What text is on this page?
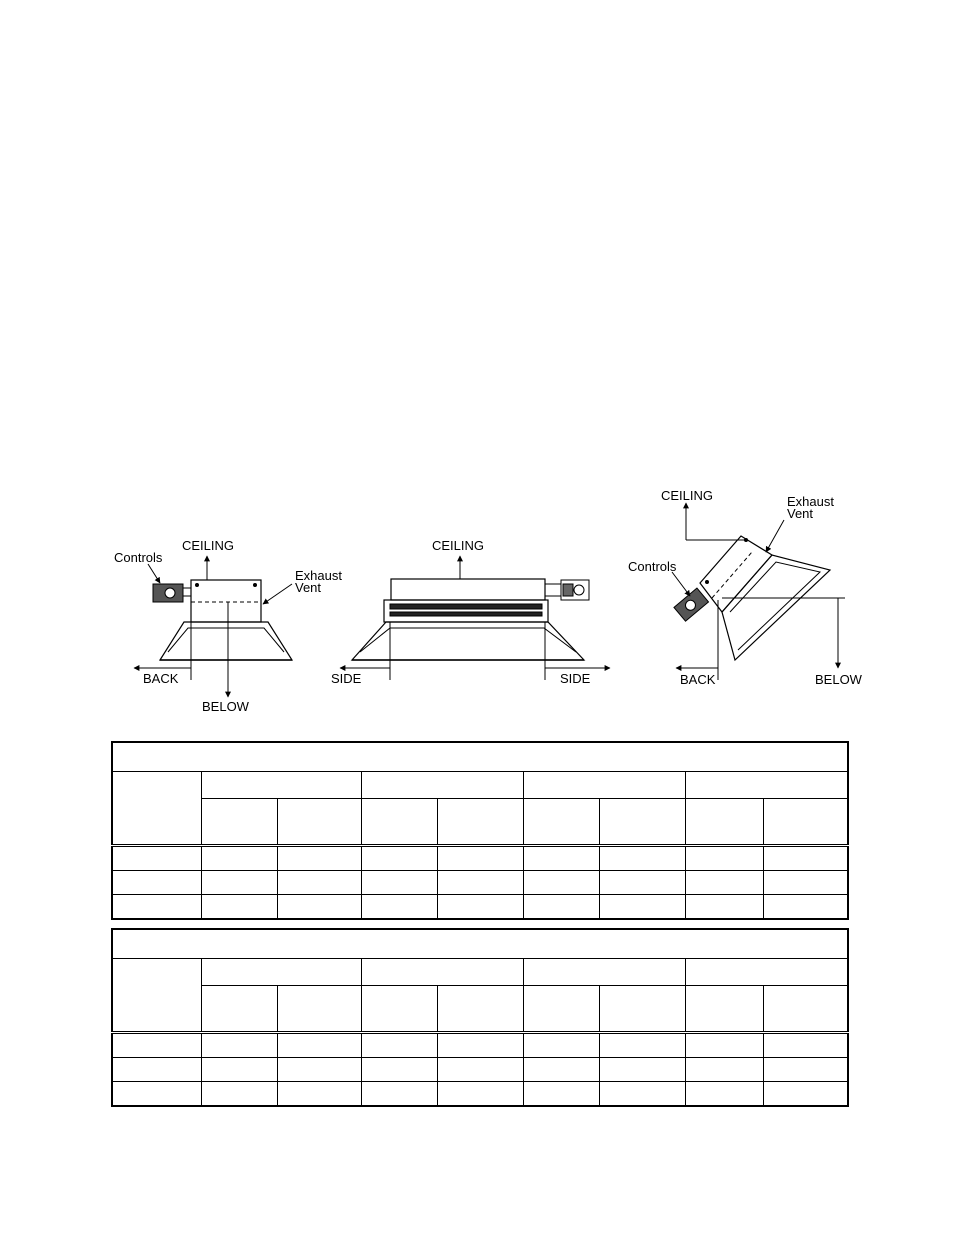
CEILING
Controls
Exhaust
Vent
BACK
BELOW
CEILING
SIDE	SIDE
CEILING
Controls
Exhaust
Vent
BACK	BELOW
